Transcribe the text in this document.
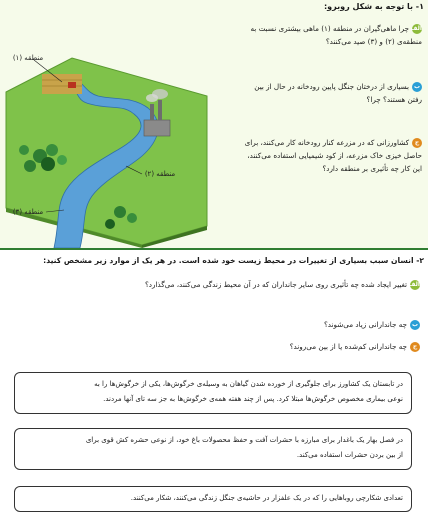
۱- با توجه به شکل روبرو:
الفچرا ماهی‌گیران در منطقه (۱) ماهی بیشتری نسبت به
منطقه‌ی (۲) و (۳) صید می‌کنند؟
ببسیاری از درختان جنگل پایین رودخانه در حال از بین
رفتن هستند؟ چرا؟
جکشاورزانی که در مزرعه کنار رودخانه کار می‌کنند، برای
حاصل خیزی خاک مزرعه، از کود شیمیایی استفاده می‌کنند،
این کار چه تأثیری بر منطقه دارد؟
منطقه (۱)
منطقه (۲)
منطقه (۳)
۲- انسان سبب بسیاری از تغییرات در محیط زیست خود شده است. در هر یک از موارد زیر مشخص کنید:
الفتغییر ایجاد شده چه تأثیری روی سایر جانداران که در آن محیط زندگی می‌کنند، می‌گذارد؟
بچه جاندارانی زیاد می‌شوند؟
جچه جاندارانی کم‌شده یا از بین می‌روند؟
در تابستان یک کشاورز برای جلوگیری از خورده شدن گیاهان به وسیله‌ی خرگوش‌ها، یکی از خرگوش‌ها را به
نوعی بیماری مخصوص خرگوش‌ها مبتلا کرد. پس از چند هفته همه‌ی خرگوش‌ها به جز سه تای آنها مردند.
در فصل بهار یک باغدار برای مبارزه با حشرات آفت و حفظ محصولات باغ خود، از نوعی حشره کش قوی برای
از بین بردن حشرات استفاده می‌کند.
تعدادی شکارچی روباهایی را که در یک علفزار در حاشیه‌ی جنگل زندگی می‌کنند، شکار می‌کنند.
